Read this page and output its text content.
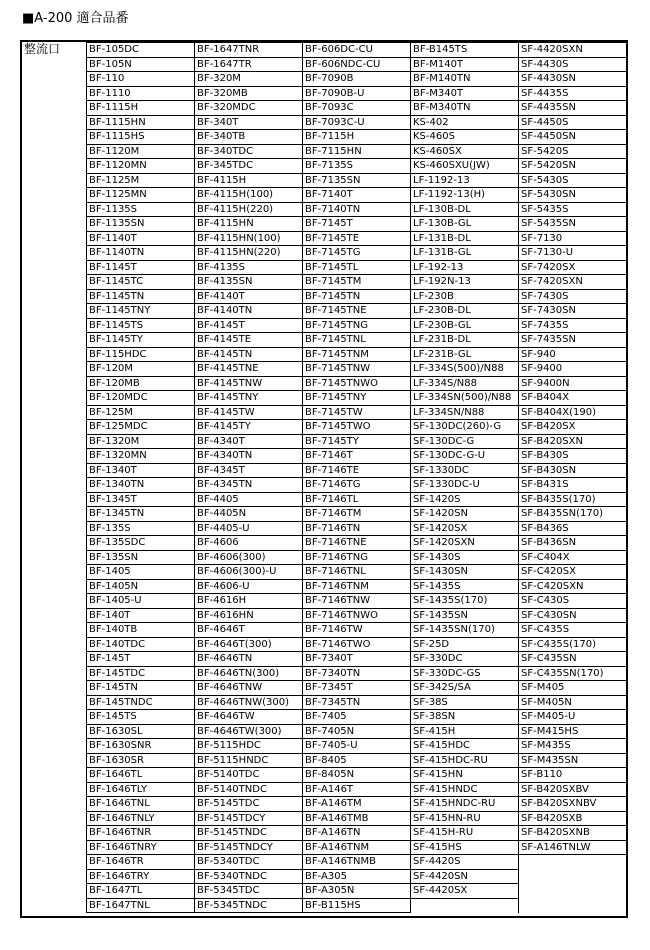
■A-200 適合品番
整流口	BF-105DC	BF-1647TNR	BF-606DC-CU	BF-B145TS	SF-4420SXN
BF-105N	BF-1647TR	BF-606NDC-CU	BF-M140T	SF-4430S
BF-110	BF-320M	BF-7090B	BF-M140TN	SF-4430SN
BF-1110	BF-320MB	BF-7090B-U	BF-M340T	SF-4435S
BF-1115H	BF-320MDC	BF-7093C	BF-M340TN	SF-4435SN
BF-1115HN	BF-340T	BF-7093C-U	KS-402	SF-4450S
BF-1115HS	BF-340TB	BF-7115H	KS-460S	SF-4450SN
BF-1120M	BF-340TDC	BF-7115HN	KS-460SX	SF-5420S
BF-1120MN	BF-345TDC	BF-7135S	KS-460SXU(JW)	SF-5420SN
BF-1125M	BF-4115H	BF-7135SN	LF-1192-13	SF-5430S
BF-1125MN	BF-4115H(100)	BF-7140T	LF-1192-13(H)	SF-5430SN
BF-1135S	BF-4115H(220)	BF-7140TN	LF-130B-DL	SF-5435S
BF-1135SN	BF-4115HN	BF-7145T	LF-130B-GL	SF-5435SN
BF-1140T	BF-4115HN(100)	BF-7145TE	LF-131B-DL	SF-7130
BF-1140TN	BF-4115HN(220)	BF-7145TG	LF-131B-GL	SF-7130-U
BF-1145T	BF-4135S	BF-7145TL	LF-192-13	SF-7420SX
BF-1145TC	BF-4135SN	BF-7145TM	LF-192N-13	SF-7420SXN
BF-1145TN	BF-4140T	BF-7145TN	LF-230B	SF-7430S
BF-1145TNY	BF-4140TN	BF-7145TNE	LF-230B-DL	SF-7430SN
BF-1145TS	BF-4145T	BF-7145TNG	LF-230B-GL	SF-7435S
BF-1145TY	BF-4145TE	BF-7145TNL	LF-231B-DL	SF-7435SN
BF-115HDC	BF-4145TN	BF-7145TNM	LF-231B-GL	SF-940
BF-120M	BF-4145TNE	BF-7145TNW	LF-334S(500)/N88	SF-9400
BF-120MB	BF-4145TNW	BF-7145TNWO	LF-334S/N88	SF-9400N
BF-120MDC	BF-4145TNY	BF-7145TNY	LF-334SN(500)/N88	SF-B404X
BF-125M	BF-4145TW	BF-7145TW	LF-334SN/N88	SF-B404X(190)
BF-125MDC	BF-4145TY	BF-7145TWO	SF-130DC(260)-G	SF-B420SX
BF-1320M	BF-4340T	BF-7145TY	SF-130DC-G	SF-B420SXN
BF-1320MN	BF-4340TN	BF-7146T	SF-130DC-G-U	SF-B430S
BF-1340T	BF-4345T	BF-7146TE	SF-1330DC	SF-B430SN
BF-1340TN	BF-4345TN	BF-7146TG	SF-1330DC-U	SF-B431S
BF-1345T	BF-4405	BF-7146TL	SF-1420S	SF-B435S(170)
BF-1345TN	BF-4405N	BF-7146TM	SF-1420SN	SF-B435SN(170)
BF-135S	BF-4405-U	BF-7146TN	SF-1420SX	SF-B436S
BF-135SDC	BF-4606	BF-7146TNE	SF-1420SXN	SF-B436SN
BF-135SN	BF-4606(300)	BF-7146TNG	SF-1430S	SF-C404X
BF-1405	BF-4606(300)-U	BF-7146TNL	SF-1430SN	SF-C420SX
BF-1405N	BF-4606-U	BF-7146TNM	SF-1435S	SF-C420SXN
BF-1405-U	BF-4616H	BF-7146TNW	SF-1435S(170)	SF-C430S
BF-140T	BF-4616HN	BF-7146TNWO	SF-1435SN	SF-C430SN
BF-140TB	BF-4646T	BF-7146TW	SF-1435SN(170)	SF-C435S
BF-140TDC	BF-4646T(300)	BF-7146TWO	SF-25D	SF-C435S(170)
BF-145T	BF-4646TN	BF-7340T	SF-330DC	SF-C435SN
BF-145TDC	BF-4646TN(300)	BF-7340TN	SF-330DC-GS	SF-C435SN(170)
BF-145TN	BF-4646TNW	BF-7345T	SF-342S/SA	SF-M405
BF-145TNDC	BF-4646TNW(300)	BF-7345TN	SF-38S	SF-M405N
BF-145TS	BF-4646TW	BF-7405	SF-38SN	SF-M405-U
BF-1630SL	BF-4646TW(300)	BF-7405N	SF-415H	SF-M415HS
BF-1630SNR	BF-5115HDC	BF-7405-U	SF-415HDC	SF-M435S
BF-1630SR	BF-5115HNDC	BF-8405	SF-415HDC-RU	SF-M435SN
BF-1646TL	BF-5140TDC	BF-8405N	SF-415HN	SF-B110
BF-1646TLY	BF-5140TNDC	BF-A146T	SF-415HNDC	SF-B420SXBV
BF-1646TNL	BF-5145TDC	BF-A146TM	SF-415HNDC-RU	SF-B420SXNBV
BF-1646TNLY	BF-5145TDCY	BF-A146TMB	SF-415HN-RU	SF-B420SXB
BF-1646TNR	BF-5145TNDC	BF-A146TN	SF-415H-RU	SF-B420SXNB
BF-1646TNRY	BF-5145TNDCY	BF-A146TNM	SF-415HS	SF-A146TNLW
BF-1646TR	BF-5340TDC	BF-A146TNMB	SF-4420S	
BF-1646TRY	BF-5340TNDC	BF-A305	SF-4420SN	
BF-1647TL	BF-5345TDC	BF-A305N	SF-4420SX	
BF-1647TNL	BF-5345TNDC	BF-B115HS		
